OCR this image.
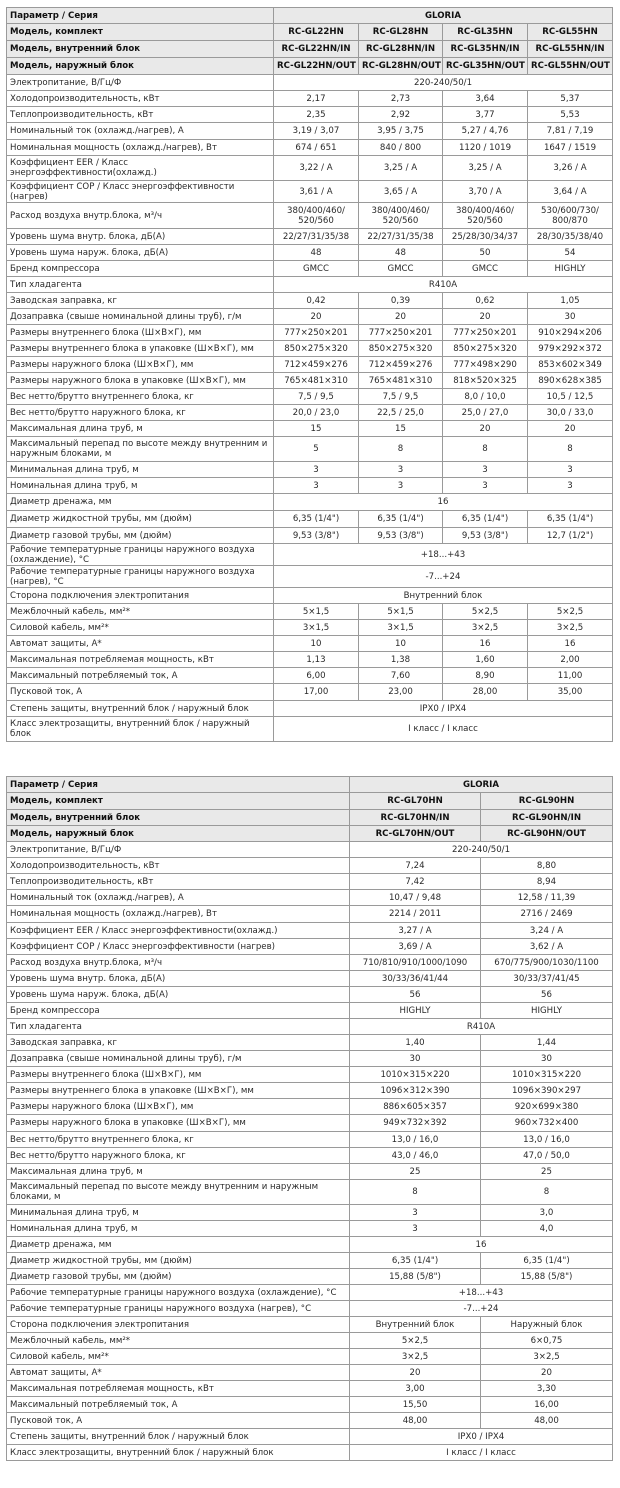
Параметр / Серия	GLORIA			
Модель, комплект	RC-GL22HN	RC-GL28HN	RC-GL35HN	RC-GL55HN
Модель, внутренний блок	RC-GL22HN/IN	RC-GL28HN/IN	RC-GL35HN/IN	RC-GL55HN/IN
Модель, наружный блок	RC-GL22HN/OUT	RC-GL28HN/OUT	RC-GL35HN/OUT	RC-GL55HN/OUT
Электропитание, В/Гц/Ф	220-240/50/1			
Холодопроизводительность, кВт	2,17	2,73	3,64	5,37
Теплопроизводительность, кВт	2,35	2,92	3,77	5,53
Номинальный ток (охлажд./нагрев), А	3,19 / 3,07	3,95 / 3,75	5,27 / 4,76	7,81 / 7,19
Номинальная мощность (охлажд./нагрев), Вт	674 / 651	840 / 800	1120 / 1019	1647 / 1519
Коэффициент EER / Класс энергоэффективности(охлажд.)	3,22 / A	3,25 / A	3,25 / A	3,26 / A
Коэффициент COP / Класс энергоэффективности (нагрев)	3,61 / A	3,65 / A	3,70 / A	3,64 / A
Расход воздуха внутр.блока, м³/ч	380/400/460/ 520/560	380/400/460/ 520/560	380/400/460/ 520/560	530/600/730/ 800/870
Уровень шума внутр. блока, дБ(А)	22/27/31/35/38	22/27/31/35/38	25/28/30/34/37	28/30/35/38/40
Уровень шума наруж. блока, дБ(А)	48	48	50	54
Бренд компрессора	GMCC	GMCC	GMCC	HIGHLY
Тип хладагента	R410A			
Заводская заправка, кг	0,42	0,39	0,62	1,05
Дозаправка (свыше номинальной длины труб), г/м	20	20	20	30
Размеры внутреннего блока (Ш×В×Г), мм	777×250×201	777×250×201	777×250×201	910×294×206
Размеры внутреннего блока в упаковке (Ш×В×Г), мм	850×275×320	850×275×320	850×275×320	979×292×372
Размеры наружного блока (Ш×В×Г), мм	712×459×276	712×459×276	777×498×290	853×602×349
Размеры наружного блока в упаковке (Ш×В×Г), мм	765×481×310	765×481×310	818×520×325	890×628×385
Вес нетто/брутто внутреннего блока, кг	7,5 / 9,5	7,5 / 9,5	8,0 / 10,0	10,5 / 12,5
Вес нетто/брутто наружного блока, кг	20,0 / 23,0	22,5 / 25,0	25,0 / 27,0	30,0 / 33,0
Максимальная длина труб, м	15	15	20	20
Максимальный перепад по высоте между внутренним и наружным блоками, м	5	8	8	8
Минимальная длина труб, м	3	3	3	3
Номинальная длина труб, м	3	3	3	3
Диаметр дренажа, мм	16			
Диаметр жидкостной трубы, мм (дюйм)	6,35 (1/4")	6,35 (1/4")	6,35 (1/4")	6,35 (1/4")
Диаметр газовой трубы, мм (дюйм)	9,53 (3/8")	9,53 (3/8")	9,53 (3/8")	12,7 (1/2")
Рабочие температурные границы наружного воздуха (охлаждение), °С	+18...+43			
Рабочие температурные границы наружного воздуха (нагрев), °С	-7...+24			
Сторона подключения электропитания	Внутренний блок			
Межблочный кабель, мм²*	5×1,5	5×1,5	5×2,5	5×2,5
Силовой кабель, мм²*	3×1,5	3×1,5	3×2,5	3×2,5
Автомат защиты, А*	10	10	16	16
Максимальная потребляемая мощность, кВт	1,13	1,38	1,60	2,00
Максимальный потребляемый ток, А	6,00	7,60	8,90	11,00
Пусковой ток, А	17,00	23,00	28,00	35,00
Степень защиты, внутренний блок / наружный блок	IPX0 / IPX4			
Класс электрозащиты, внутренний блок / наружный блок	I класс / I класс			
Параметр / Серия	GLORIA	
Модель, комплект	RC-GL70HN	RC-GL90HN
Модель, внутренний блок	RC-GL70HN/IN	RC-GL90HN/IN
Модель, наружный блок	RC-GL70HN/OUT	RC-GL90HN/OUT
Электропитание, В/Гц/Ф	220-240/50/1	
Холодопроизводительность, кВт	7,24	8,80
Теплопроизводительность, кВт	7,42	8,94
Номинальный ток (охлажд./нагрев), А	10,47 / 9,48	12,58 / 11,39
Номинальная мощность (охлажд./нагрев), Вт	2214 / 2011	2716 / 2469
Коэффициент EER / Класс энергоэффективности(охлажд.)	3,27 / A	3,24 / A
Коэффициент COP / Класс энергоэффективности (нагрев)	3,69 / A	3,62 / A
Расход воздуха внутр.блока, м³/ч	710/810/910/1000/1090	670/775/900/1030/1100
Уровень шума внутр. блока, дБ(А)	30/33/36/41/44	30/33/37/41/45
Уровень шума наруж. блока, дБ(А)	56	56
Бренд компрессора	HIGHLY	HIGHLY
Тип хладагента	R410A	
Заводская заправка, кг	1,40	1,44
Дозаправка (свыше номинальной длины труб), г/м	30	30
Размеры внутреннего блока (Ш×В×Г), мм	1010×315×220	1010×315×220
Размеры внутреннего блока в упаковке (Ш×В×Г), мм	1096×312×390	1096×390×297
Размеры наружного блока (Ш×В×Г), мм	886×605×357	920×699×380
Размеры наружного блока в упаковке (Ш×В×Г), мм	949×732×392	960×732×400
Вес нетто/брутто внутреннего блока, кг	13,0 / 16,0	13,0 / 16,0
Вес нетто/брутто наружного блока, кг	43,0 / 46,0	47,0 / 50,0
Максимальная длина труб, м	25	25
Максимальный перепад по высоте между внутренним и наружным блоками, м	8	8
Минимальная длина труб, м	3	3,0
Номинальная длина труб, м	3	4,0
Диаметр дренажа, мм	16	
Диаметр жидкостной трубы, мм (дюйм)	6,35 (1/4")	6,35 (1/4")
Диаметр газовой трубы, мм (дюйм)	15,88 (5/8")	15,88 (5/8")
Рабочие температурные границы наружного воздуха (охлаждение), °С	+18...+43	
Рабочие температурные границы наружного воздуха (нагрев), °С	-7...+24	
Сторона подключения электропитания	Внутренний блок	Наружный блок
Межблочный кабель, мм²*	5×2,5	6×0,75
Силовой кабель, мм²*	3×2,5	3×2,5
Автомат защиты, А*	20	20
Максимальная потребляемая мощность, кВт	3,00	3,30
Максимальный потребляемый ток, А	15,50	16,00
Пусковой ток, А	48,00	48,00
Степень защиты, внутренний блок / наружный блок	IPX0 / IPX4	
Класс электрозащиты, внутренний блок / наружный блок	I класс / I класс	
